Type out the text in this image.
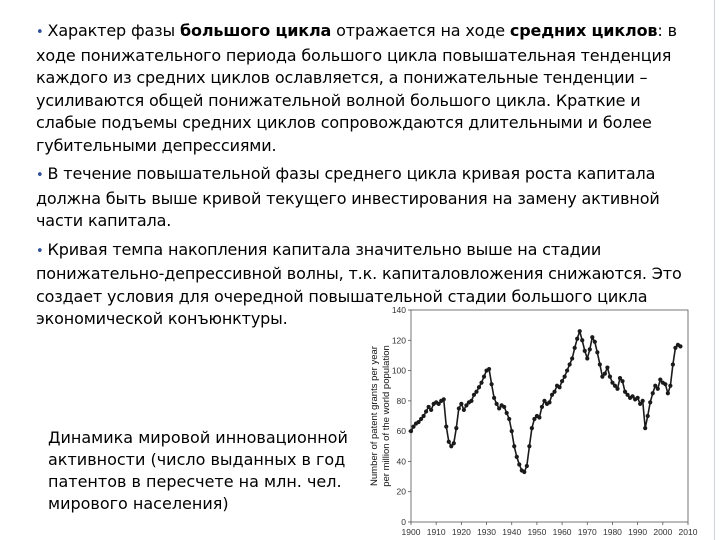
• Характер фазы большого цикла отражается на ходе средних циклов: в ходе понижательного периода большого цикла повышательная тенденция каждого из средних циклов ославляется, а понижательные тенденции – усиливаются общей понижательной волной большого цикла. Краткие и слабые подъемы средних циклов сопровождаются длительными и более губительными депрессиями.

• В течение повышательной фазы среднего цикла кривая роста капитала должна быть выше кривой текущего инвестирования на замену активной части капитала.

• Кривая темпа накопления капитала значительно выше на стадии понижательно-депрессивной волны, т.к. капиталовложения снижаются. Это создает условия для очередной повышательной стадии большого цикла экономической конъюнктуры.

Динамика мировой инновационной активности (число выданных в год патентов в пересчете на млн. чел. мирового населения)
0
20
40
60
80
100
120
140
1900 1910 1920 1930 1940 1950 1960 1970 1980 1990 2000 2010
Number of patent grants per year per million of the world population
